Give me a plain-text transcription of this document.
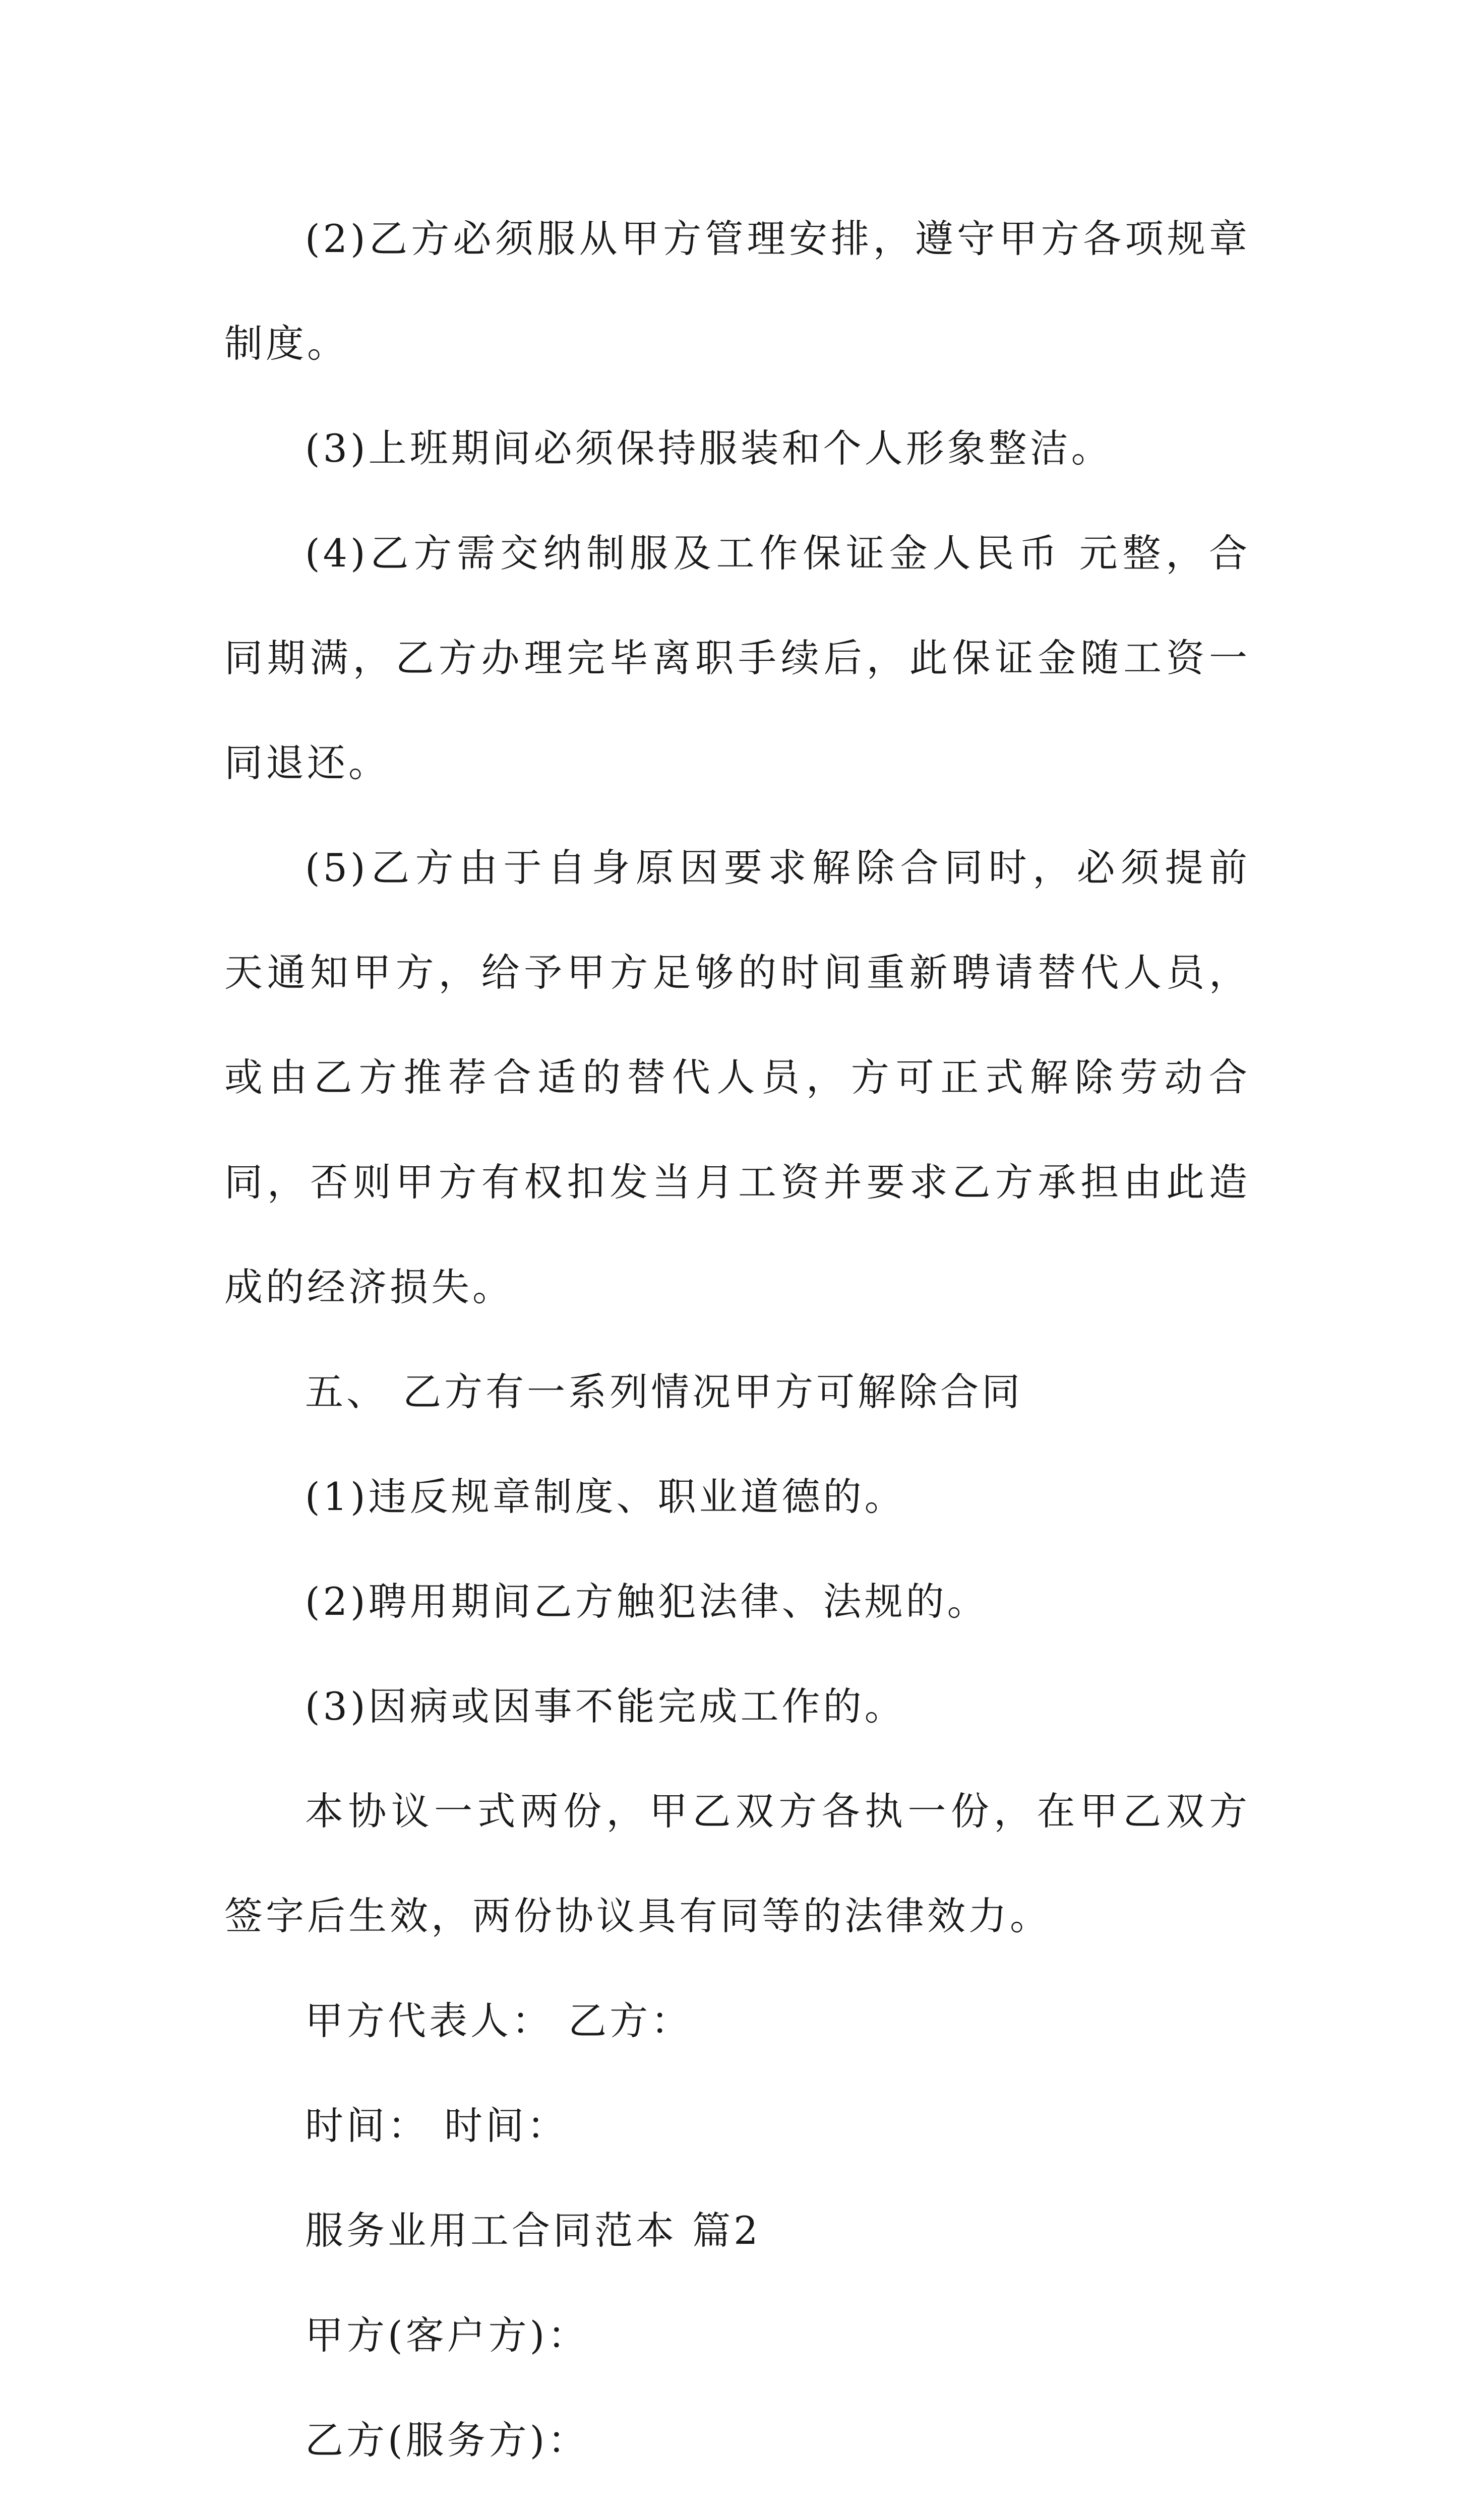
(2)乙方必须服从甲方管理安排，遵守甲方各项规章制度。

(3)上班期间必须保持服装和个人形象整洁。

(4)乙方需交纳制服及工作保证金人民币 元整，合同期满，乙方办理完毕离职手续后，此保证金随工资一同退还。

(5)乙方由于自身原因要求解除合同时，必须提前 天通知甲方，给予甲方足够的时间重新聘请替代人员，或由乙方推荐合适的替代人员，方可正式解除劳动合同，否则甲方有权扣发当月工资并要求乙方承担由此造成的经济损失。

五、 乙方有一系列情况甲方可解除合同

(1)违反规章制度、职业道德的。

(2)聘用期间乙方触犯法律、法规的。

(3)因病或因事不能完成工作的。

本协议一式两份，甲乙双方各执一份，在甲乙双方签字后生效，两份协议具有同等的法律效力。

甲方代表人： 乙方：

时间： 时间：

服务业用工合同范本 篇2

甲方(客户方)：

乙方(服务方)：
